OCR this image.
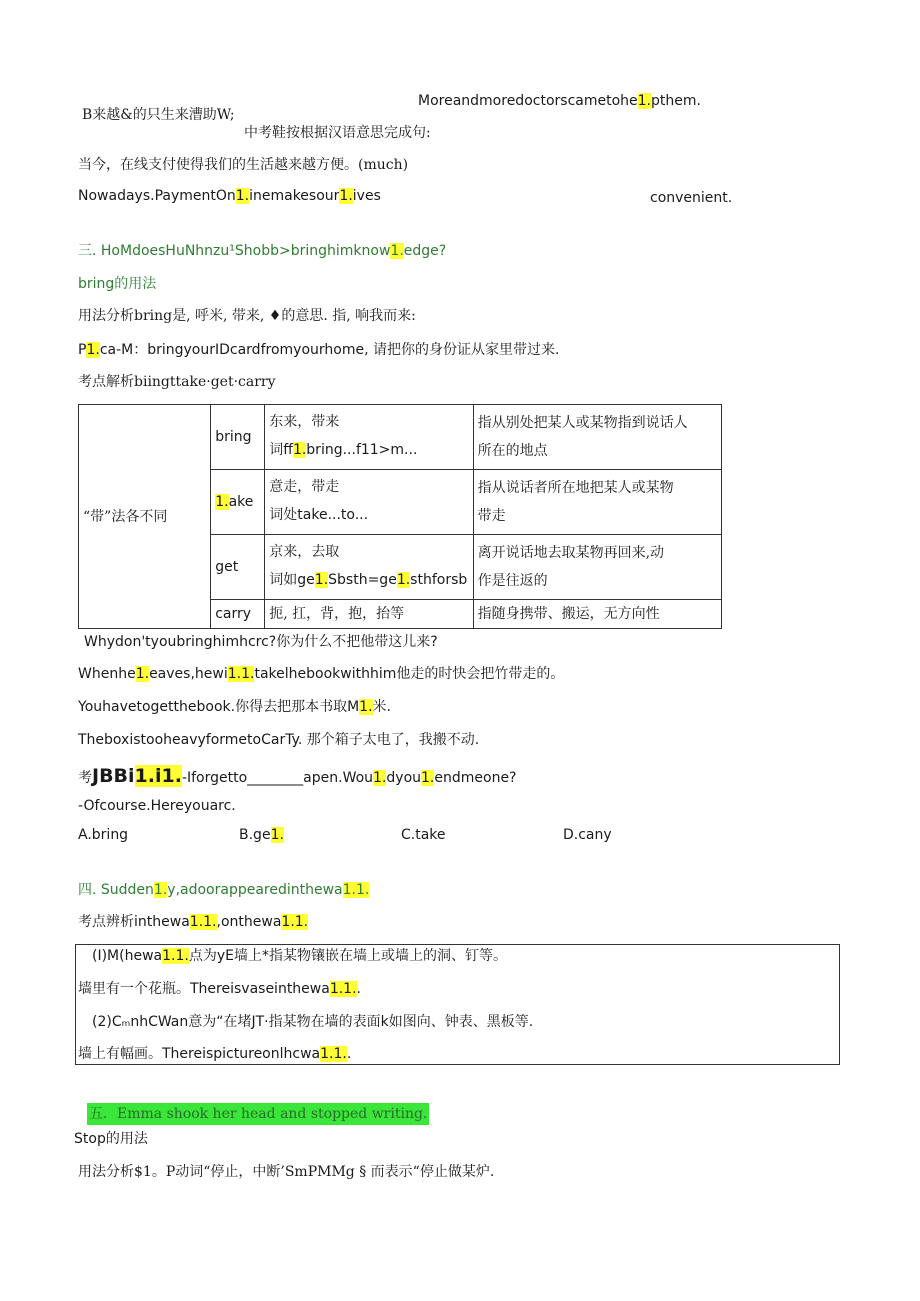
Moreandmoredoctorscametohe1.pthem.
B来越&的只生来漕助W;
中考鞋按根据汉语意思完成句:
当今，在线支付使得我们的生活越来越方便。(much)
Nowadays.PaymentOn1.inemakesour1.ives	convenient.
三. HoMdoesHuNhnzu¹Shobb>bringhimknow1.edge?
bring的用法
用法分析bring是, 呼米, 带来, ♦的意思. 指, 响我而来:
P1.ca-M：bringyourIDcardfromyourhome, 请把你的身份证从家里带过来.
考点解析biingttake·get·carry
“带”法各不同	bring	东来，带来
词ff1.bring...f11>m...	指从别处把某人或某物指到说话人
所在的地点
	1.ake	意走，带走
词处take...to...	指从说话者所在地把某人或某物
带走
	get	京来，去取
词如ge1.Sbsth=ge1.sthforsb	离开说话地去取某物再回来,动
作是往返的
	carry	扼, 扛，背，抱，抬等	指随身携带、搬运，无方向性
Whydon'tyoubringhimhcrc?你为什么不把他带这儿来?
Whenhe1.eaves,hewi1.1.takelhebookwithhim他走的时快会把竹带走的。
Youhavetogetthebook.你得去把那本书取M1.米.
TheboxistooheavyformetoCarTy. 那个箱子太电了，我搬不动.
考JBBi1.i1.-Iforgetto________apen.Wou1.dyou1.endmeone?
-Ofcourse.Hereyouarc.
A.bring	B.ge1.	C.take	D.cany
四. Sudden1.y,adoorappearedinthewa1.1.
考点辨析inthewa1.1.,onthewa1.1.
(I)M(hewa1.1.点为yE墙上*指某物镶嵌在墙上或墙上的洞、钉等。
墙里有一个花瓶。Thereisvaseinthewa1.1..
(2)CₘnhCWan意为“在堵JT·指某物在墙的表面k如图向、钟表、黑板等.
墙上有幅画。Thereispictureonlhcwa1.1..
五．Emma shook her head and stopped writing.
Stop的用法
用法分析$1。P动词“停止，中断’SmPMMg § 而表示“停止做某炉.
